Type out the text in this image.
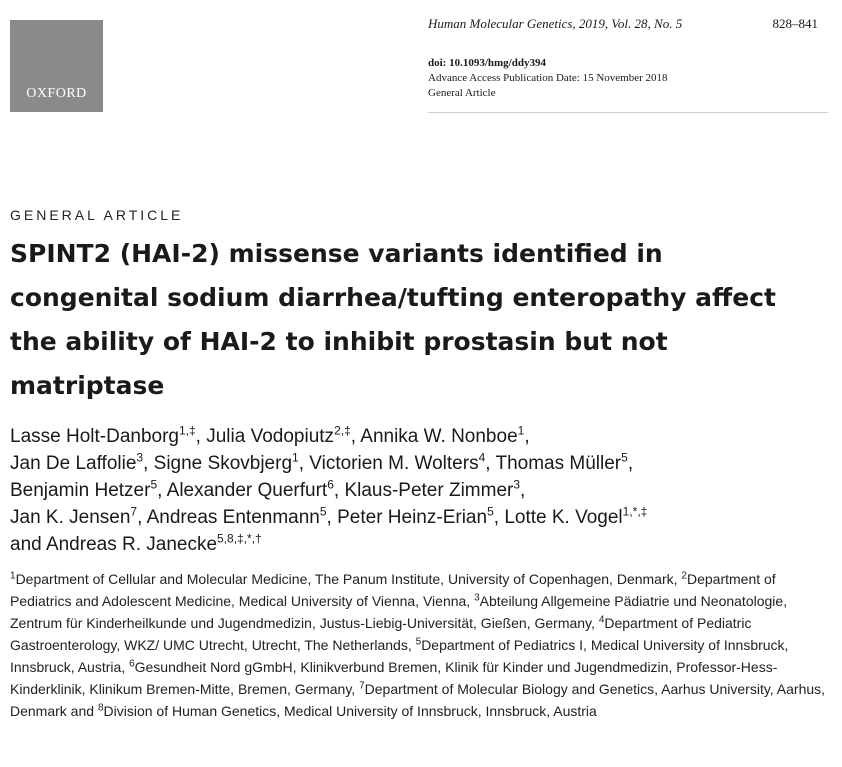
OXFORD
Human Molecular Genetics, 2019, Vol. 28, No. 5	828–841
doi: 10.1093/hmg/ddy394
Advance Access Publication Date: 15 November 2018
General Article
GENERAL ARTICLE
SPINT2 (HAI-2) missense variants identified in
congenital sodium diarrhea/tufting enteropathy affect
the ability of HAI-2 to inhibit prostasin but not
matriptase
Lasse Holt-Danborg$^{1,\ddagger}$, Julia Vodopiutz$^{2,\ddagger}$, Annika W. Nonboe$^1$,
Jan De Laffolie$^3$, Signe Skovbjerg$^1$, Victorien M. Wolters$^4$, Thomas Müller$^5$,
Benjamin Hetzer$^5$, Alexander Querfurt$^6$, Klaus-Peter Zimmer$^3$,
Jan K. Jensen$^7$, Andreas Entenmann$^5$, Peter Heinz-Erian$^5$, Lotte K. Vogel$^{1,*,\ddagger}$
and Andreas R. Janecke$^{5,8,\ddagger,*,\dagger}$
$^1$Department of Cellular and Molecular Medicine, The Panum Institute, University of Copenhagen, Denmark, $^2$Department of Pediatrics and Adolescent Medicine, Medical University of Vienna, Vienna, $^3$Abteilung Allgemeine Pädiatrie und Neonatologie, Zentrum für Kinderheilkunde und Jugendmedizin, Justus-Liebig-Universität, Gießen, Germany, $^4$Department of Pediatric Gastroenterology, WKZ/ UMC Utrecht, Utrecht, The Netherlands, $^5$Department of Pediatrics I, Medical University of Innsbruck, Innsbruck, Austria, $^6$Gesundheit Nord gGmbH, Klinikverbund Bremen, Klinik für Kinder und Jugendmedizin, Professor-Hess-Kinderklinik, Klinikum Bremen-Mitte, Bremen, Germany, $^7$Department of Molecular Biology and Genetics, Aarhus University, Aarhus, Denmark and $^8$Division of Human Genetics, Medical University of Innsbruck, Innsbruck, Austria
